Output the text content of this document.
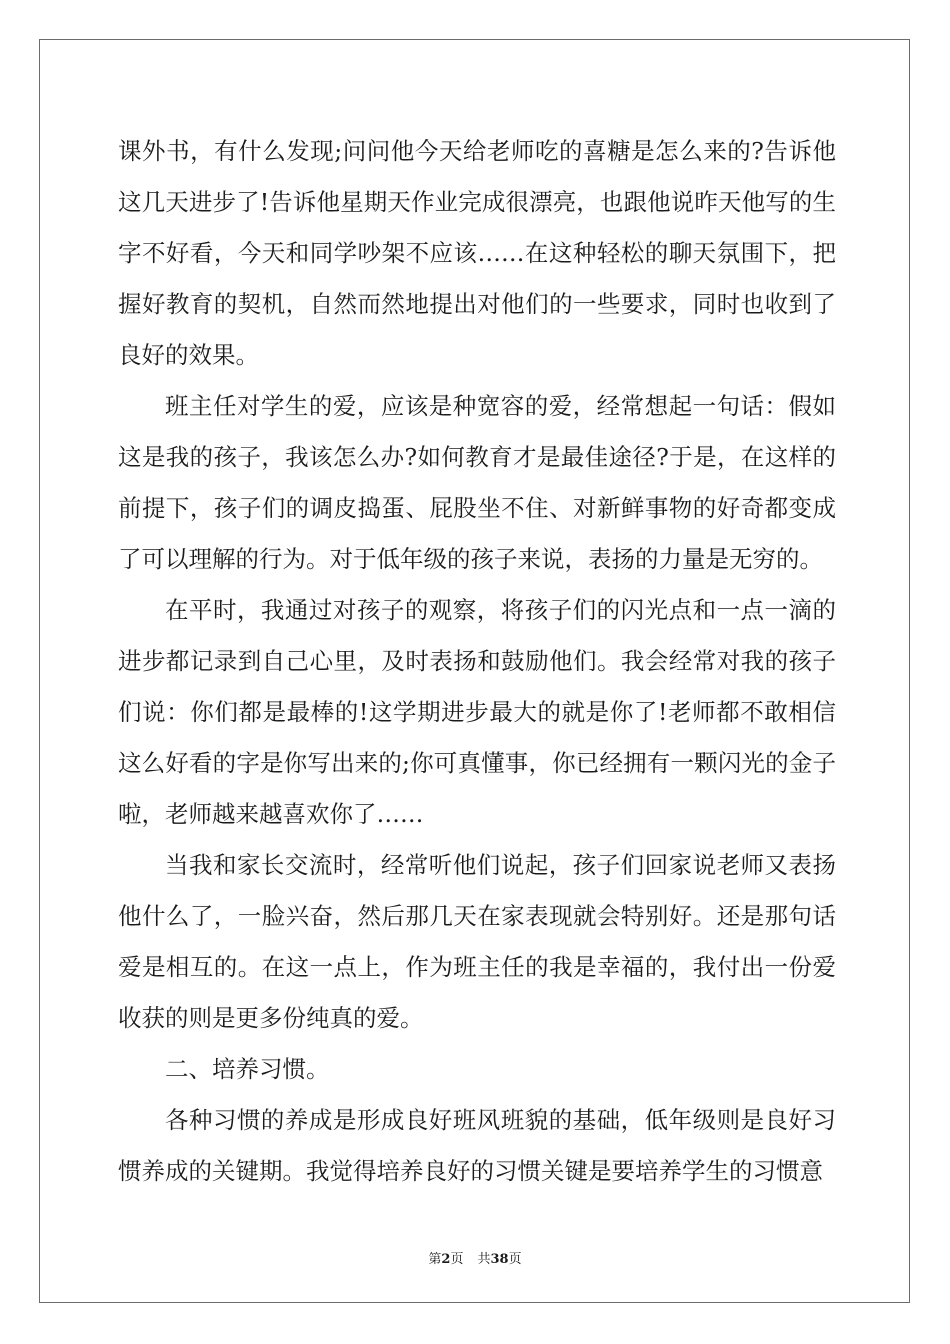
课外书，有什么发现;问问他今天给老师吃的喜糖是怎么来的?告诉他这几天进步了!告诉他星期天作业完成很漂亮，也跟他说昨天他写的生字不好看，今天和同学吵架不应该……在这种轻松的聊天氛围下，把握好教育的契机，自然而然地提出对他们的一些要求，同时也收到了良好的效果。

班主任对学生的爱，应该是种宽容的爱，经常想起一句话：假如这是我的孩子，我该怎么办?如何教育才是最佳途径?于是，在这样的前提下，孩子们的调皮捣蛋、屁股坐不住、对新鲜事物的好奇都变成了可以理解的行为。对于低年级的孩子来说，表扬的力量是无穷的。

在平时，我通过对孩子的观察，将孩子们的闪光点和一点一滴的进步都记录到自己心里，及时表扬和鼓励他们。我会经常对我的孩子们说：你们都是最棒的!这学期进步最大的就是你了!老师都不敢相信这么好看的字是你写出来的;你可真懂事，你已经拥有一颗闪光的金子啦，老师越来越喜欢你了……

当我和家长交流时，经常听他们说起，孩子们回家说老师又表扬他什么了，一脸兴奋，然后那几天在家表现就会特别好。还是那句话爱是相互的。在这一点上，作为班主任的我是幸福的，我付出一份爱收获的则是更多份纯真的爱。

二、培养习惯。

各种习惯的养成是形成良好班风班貌的基础，低年级则是良好习惯养成的关键期。我觉得培养良好的习惯关键是要培养学生的习惯意

第2页 共38页
